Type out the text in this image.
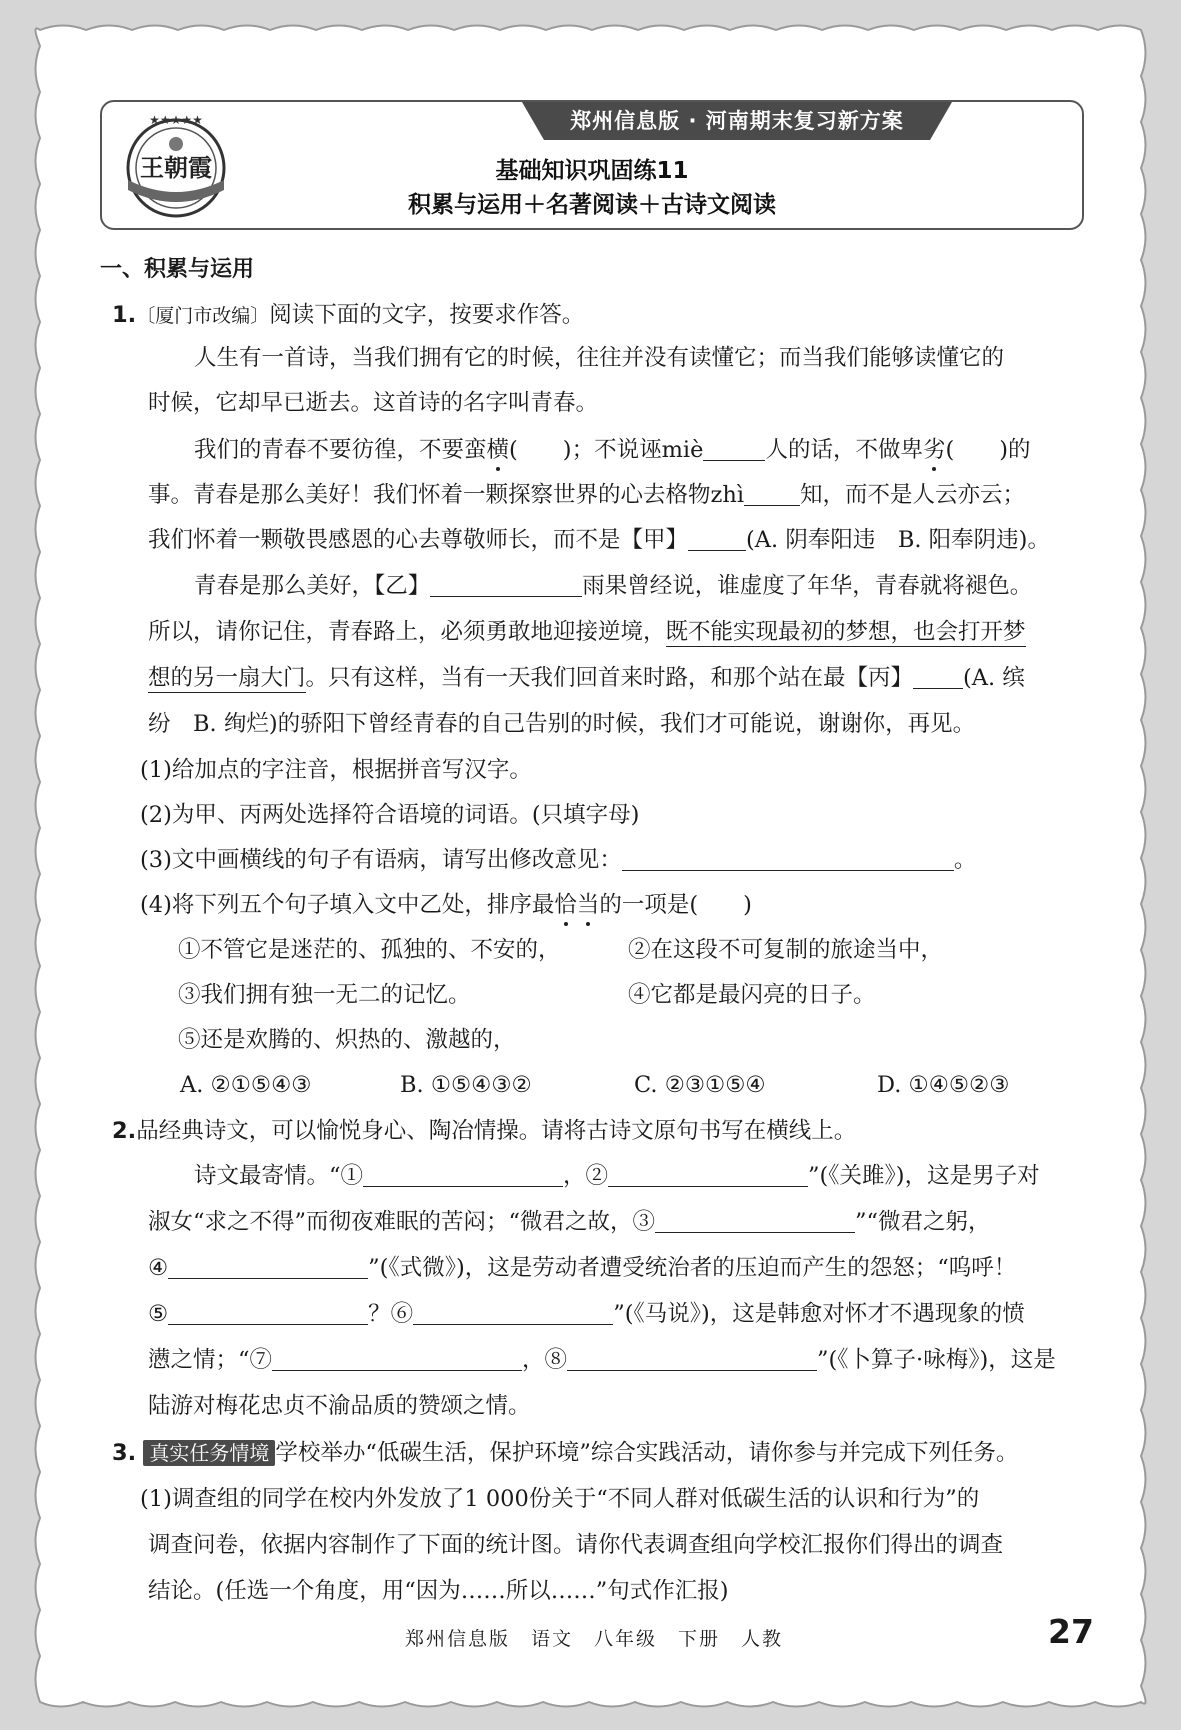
★★★★★
王朝霞
郑州信息版 · 河南期末复习新方案
基础知识巩固练11
积累与运用＋名著阅读＋古诗文阅读
一、积累与运用
1.〔厦门市改编〕阅读下面的文字，按要求作答。
人生有一首诗，当我们拥有它的时候，往往并没有读懂它；而当我们能够读懂它的
时候，它却早已逝去。这首诗的名字叫青春。
我们的青春不要彷徨，不要蛮横(　　)；不说诬miè	人的话，不做卑劣(　　)的
事。青春是那么美好！我们怀着一颗探察世界的心去格物zhì 知，而不是人云亦云；
我们怀着一颗敬畏感恩的心去尊敬师长，而不是【甲】	(A. 阴奉阳违　B. 阳奉阴违)。
青春是那么美好，【乙】	雨果曾经说，谁虚度了年华，青春就将褪色。
所以，请你记住，青春路上，必须勇敢地迎接逆境，既不能实现最初的梦想，也会打开梦
想的另一扇大门。只有这样，当有一天我们回首来时路，和那个站在最【丙】 (A. 缤
纷　B. 绚烂)的骄阳下曾经青春的自己告别的时候，我们才可能说，谢谢你，再见。
(1)给加点的字注音，根据拼音写汉字。
(2)为甲、丙两处选择符合语境的词语。(只填字母)
(3)文中画横线的句子有语病，请写出修改意见：	。
(4)将下列五个句子填入文中乙处，排序最恰当的一项是(　　)
①不管它是迷茫的、孤独的、不安的，	②在这段不可复制的旅途当中，
③我们拥有独一无二的记忆。	④它都是最闪亮的日子。
⑤还是欢腾的、炽热的、激越的，
A. ②①⑤④③	B. ①⑤④③②	C. ②③①⑤④	D. ①④⑤②③
2.品经典诗文，可以愉悦身心、陶冶情操。请将古诗文原句书写在横线上。
诗文最寄情。“①	，②	”(《关雎》)，这是男子对
淑女“求之不得”而彻夜难眠的苦闷；“微君之故，③	”“微君之躬，
④	”(《式微》)，这是劳动者遭受统治者的压迫而产生的怨怒；“呜呼！
⑤	？⑥	”(《马说》)，这是韩愈对怀才不遇现象的愤
懑之情；“⑦	，⑧	”(《卜算子·咏梅》)，这是
陆游对梅花忠贞不渝品质的赞颂之情。
3. 真实任务情境 学校举办“低碳生活，保护环境”综合实践活动，请你参与并完成下列任务。
(1)调查组的同学在校内外发放了1 000份关于“不同人群对低碳生活的认识和行为”的
调查问卷，依据内容制作了下面的统计图。请你代表调查组向学校汇报你们得出的调查
结论。(任选一个角度，用“因为……所以……”句式作汇报)
郑州信息版　语文　八年级　下册　人教	27
